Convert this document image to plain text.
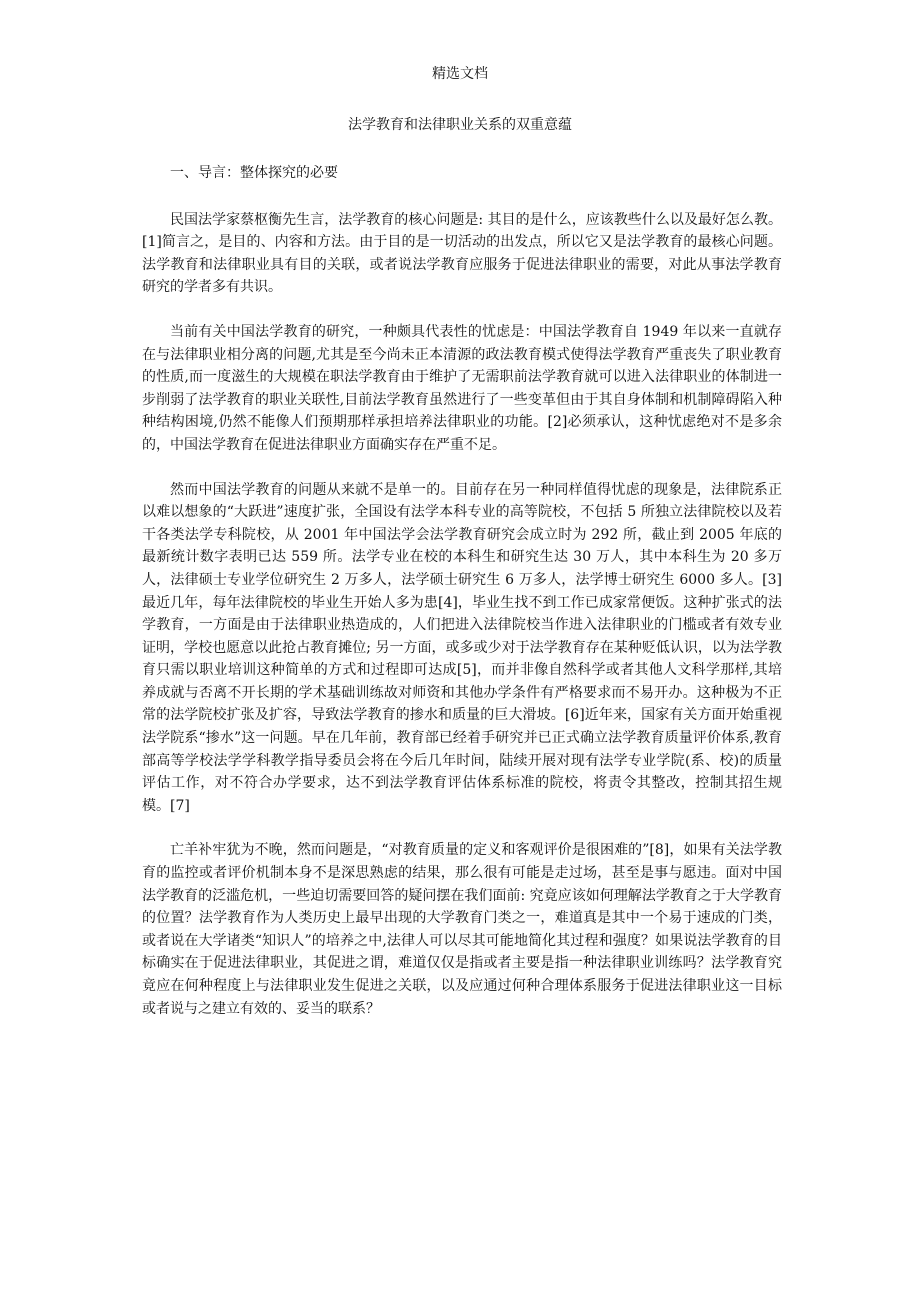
精选文档
法学教育和法律职业关系的双重意蕴

一、导言：整体探究的必要

民国法学家蔡枢衡先生言，法学教育的核心问题是: 其目的是什么，应该教些什么以及最好怎么教。[1]简言之，是目的、内容和方法。由于目的是一切活动的出发点，所以它又是法学教育的最核心问题。法学教育和法律职业具有目的关联，或者说法学教育应服务于促进法律职业的需要，对此从事法学教育研究的学者多有共识。

当前有关中国法学教育的研究，一种颇具代表性的忧虑是：中国法学教育自 1949 年以来一直就存在与法律职业相分离的问题,尤其是至今尚未正本清源的政法教育模式使得法学教育严重丧失了职业教育的性质,而一度滋生的大规模在职法学教育由于维护了无需职前法学教育就可以进入法律职业的体制进一步削弱了法学教育的职业关联性,目前法学教育虽然进行了一些变革但由于其自身体制和机制障碍陷入种种结构困境,仍然不能像人们预期那样承担培养法律职业的功能。[2]必须承认，这种忧虑绝对不是多余的，中国法学教育在促进法律职业方面确实存在严重不足。

然而中国法学教育的问题从来就不是单一的。目前存在另一种同样值得忧虑的现象是，法律院系正以难以想象的“大跃进”速度扩张，全国设有法学本科专业的高等院校，不包括 5 所独立法律院校以及若干各类法学专科院校，从 2001 年中国法学会法学教育研究会成立时为 292 所，截止到 2005 年底的最新统计数字表明已达 559 所。法学专业在校的本科生和研究生达 30 万人，其中本科生为 20 多万人，法律硕士专业学位研究生 2 万多人，法学硕士研究生 6 万多人，法学博士研究生 6000 多人。[3]最近几年，每年法律院校的毕业生开始人多为患[4]，毕业生找不到工作已成家常便饭。这种扩张式的法学教育，一方面是由于法律职业热造成的，人们把进入法律院校当作进入法律职业的门槛或者有效专业证明，学校也愿意以此抢占教育摊位; 另一方面，或多或少对于法学教育存在某种贬低认识，以为法学教育只需以职业培训这种简单的方式和过程即可达成[5]，而并非像自然科学或者其他人文科学那样,其培养成就与否离不开长期的学术基础训练故对师资和其他办学条件有严格要求而不易开办。这种极为不正常的法学院校扩张及扩容，导致法学教育的掺水和质量的巨大滑坡。[6]近年来，国家有关方面开始重视法学院系“掺水”这一问题。早在几年前，教育部已经着手研究并已正式确立法学教育质量评价体系,教育部高等学校法学学科教学指导委员会将在今后几年时间，陆续开展对现有法学专业学院(系、校)的质量评估工作，对不符合办学要求，达不到法学教育评估体系标准的院校，将责令其整改，控制其招生规模。[7]

亡羊补牢犹为不晚，然而问题是，“对教育质量的定义和客观评价是很困难的”[8]，如果有关法学教育的监控或者评价机制本身不是深思熟虑的结果，那么很有可能是走过场，甚至是事与愿违。面对中国法学教育的泛滥危机，一些迫切需要回答的疑问摆在我们面前: 究竟应该如何理解法学教育之于大学教育的位置？法学教育作为人类历史上最早出现的大学教育门类之一，难道真是其中一个易于速成的门类，或者说在大学诸类“知识人”的培养之中,法律人可以尽其可能地简化其过程和强度？如果说法学教育的目标确实在于促进法律职业，其促进之谓，难道仅仅是指或者主要是指一种法律职业训练吗？法学教育究竟应在何种程度上与法律职业发生促进之关联，以及应通过何种合理体系服务于促进法律职业这一目标或者说与之建立有效的、妥当的联系？
